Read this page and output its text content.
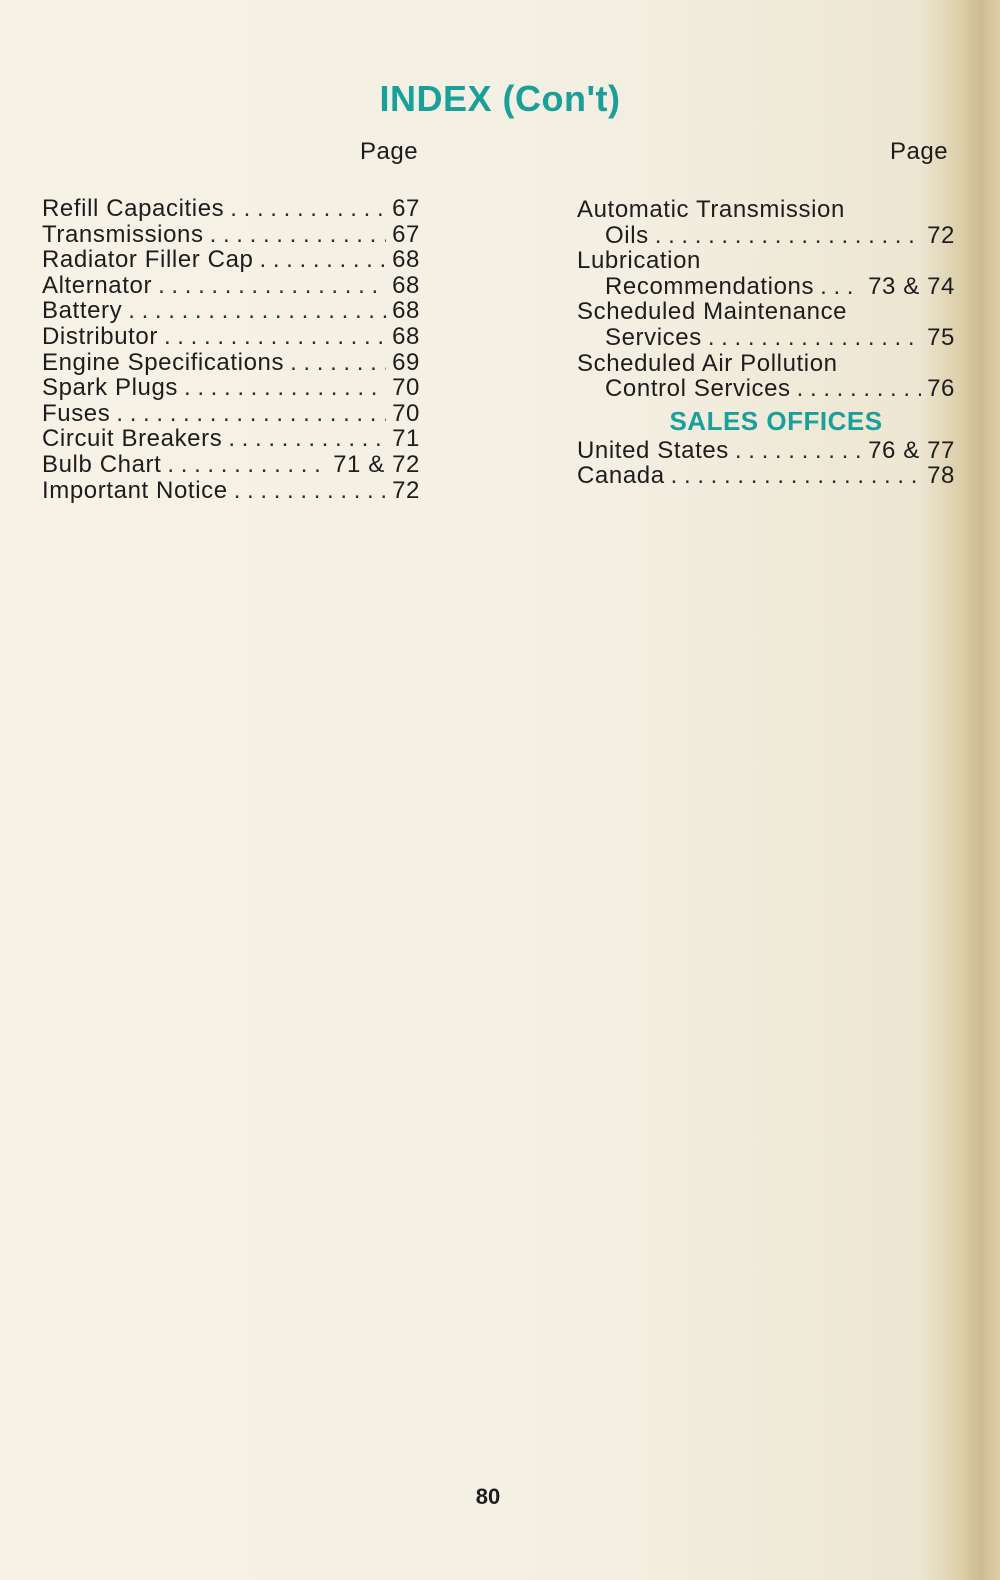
INDEX (Con't)
Page	Page
Refill Capacities . . .	67
Transmissions . . .	67
Radiator Filler Cap . . .	68
Alternator . . .	68
Battery . . .	68
Distributor . . .	68
Engine Specifications . . .	69
Spark Plugs . . .	70
Fuses . . .	70
Circuit Breakers . . .	71
Bulb Chart . . .	71 & 72
Important Notice . . .	72
Automatic Transmission
Oils . . .	72
Lubrication
Recommendations . . . 73 & 74
Scheduled Maintenance
Services . . .	75
Scheduled Air Pollution
Control Services . . .	76
SALES OFFICES
United States . . .	76 & 77
Canada . . .	78
80
